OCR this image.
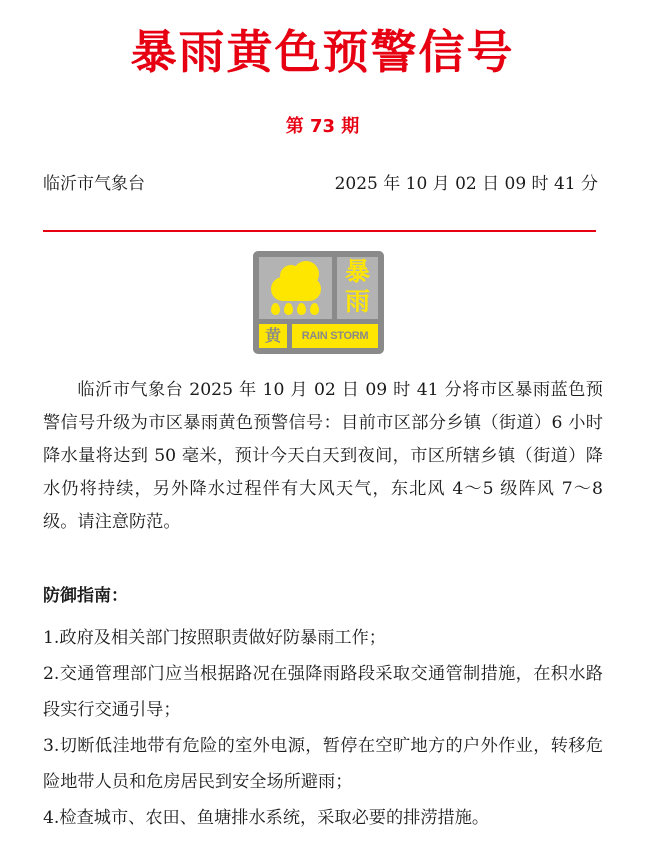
暴雨黄色预警信号
第 73 期
临沂市气象台	2025 年 10 月 02 日 09 时 41 分
暴
雨
黄	RAIN STORM
临沂市气象台 2025 年 10 月 02 日 09 时 41 分将市区暴雨蓝色预警信号升级为市区暴雨黄色预警信号：目前市区部分乡镇（街道）6 小时降水量将达到 50 毫米，预计今天白天到夜间，市区所辖乡镇（街道）降水仍将持续，另外降水过程伴有大风天气，东北风 4～5 级阵风 7～8 级。请注意防范。
防御指南：
1.政府及相关部门按照职责做好防暴雨工作；
2.交通管理部门应当根据路况在强降雨路段采取交通管制措施，在积水路段实行交通引导；
3.切断低洼地带有危险的室外电源，暂停在空旷地方的户外作业，转移危险地带人员和危房居民到安全场所避雨；
4.检查城市、农田、鱼塘排水系统，采取必要的排涝措施。
